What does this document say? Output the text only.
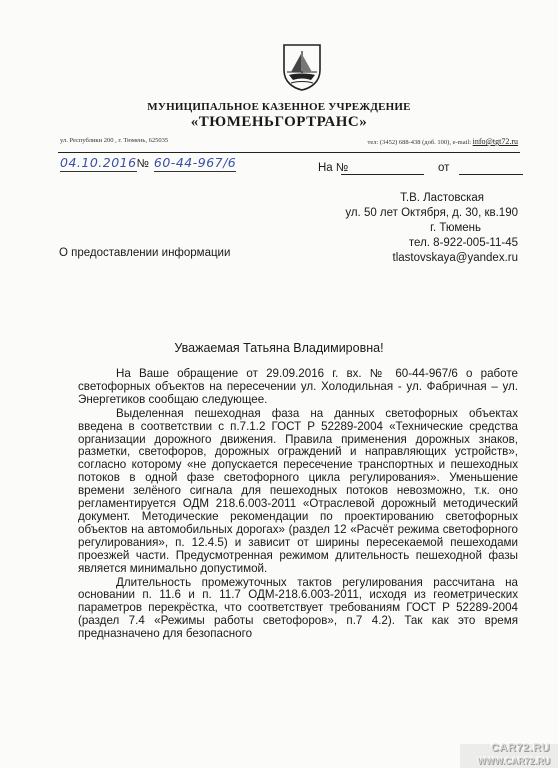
МУНИЦИПАЛЬНОЕ КАЗЕННОЕ УЧРЕЖДЕНИЕ
«ТЮМЕНЬГОРТРАНС»
ул. Республики 200 , г. Тюмень, 625035	тел: (3452) 688-438 (доб. 100), e-mail: info@tgt72.ru
04.10.2016№ 60-44-967/6	На №	от
Т.В. Ластовская
ул. 50 лет Октября, д. 30, кв.190
г. Тюмень
тел. 8-922-005-11-45
tlastovskaya@yandex.ru
О предоставлении информации
Уважаемая Татьяна Владимировна!

На Ваше обращение от 29.09.2016 г. вх. № 60-44-967/6 о работе светофорных объектов на пересечении ул. Холодильная - ул. Фабричная – ул. Энергетиков сообщаю следующее.

Выделенная пешеходная фаза на данных светофорных объектах введена в соответствии с п.7.1.2 ГОСТ Р 52289-2004 «Технические средства организации дорожного движения. Правила применения дорожных знаков, разметки, светофоров, дорожных ограждений и направляющих устройств», согласно которому «не допускается пересечение транспортных и пешеходных потоков в одной фазе светофорного цикла регулирования». Уменьшение времени зелёного сигнала для пешеходных потоков невозможно, т.к. оно регламентируется ОДМ 218.6.003-2011 «Отраслевой дорожный методический документ. Методические рекомендации по проектированию светофорных объектов на автомобильных дорогах» (раздел 12 «Расчёт режима светофорного регулирования», п. 12.4.5) и зависит от ширины пересекаемой пешеходами проезжей части. Предусмотренная режимом длительность пешеходной фазы является минимально допустимой.

Длительность промежуточных тактов регулирования рассчитана на основании п. 11.6 и п. 11.7 ОДМ-218.6.003-2011, исходя из геометрических параметров перекрёстка, что соответствует требованиям ГОСТ Р 52289-2004 (раздел 7.4 «Режимы работы светофоров», п.7 4.2). Так как это время предназначено для безопасного

CAR72.RU
WWW.CAR72.RU
